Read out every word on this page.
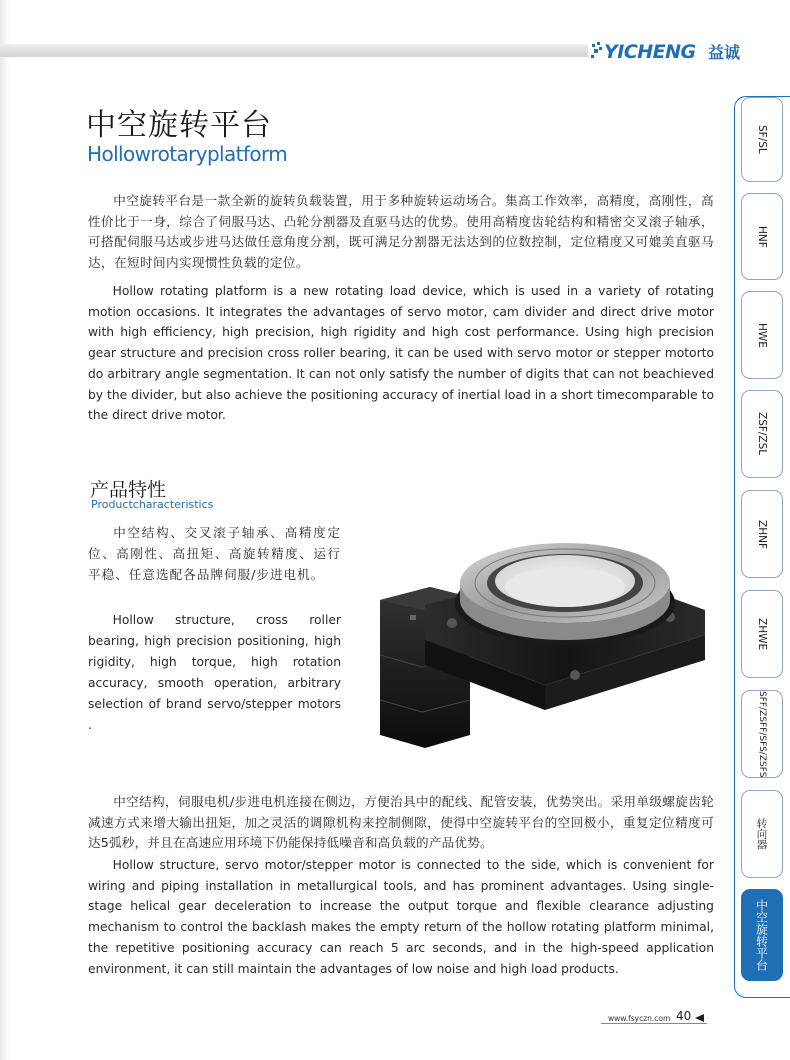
YICHENG 益诚
中空旋转平台
Hollowrotaryplatform

中空旋转平台是一款全新的旋转负载装置，用于多种旋转运动场合。集高工作效率，高精度，高刚性，高性价比于一身，综合了伺服马达、凸轮分割器及直驱马达的优势。使用高精度齿轮结构和精密交叉滚子轴承，可搭配伺服马达或步进马达做任意角度分割，既可满足分割器无法达到的位数控制，定位精度又可媲美直驱马达，在短时间内实现惯性负载的定位。

Hollow rotating platform is a new rotating load device, which is used in a variety of rotating motion occasions. It integrates the advantages of servo motor, cam divider and direct drive motor with high efficiency, high precision, high rigidity and high cost performance. Using high precision gear structure and precision cross roller bearing, it can be used with servo motor or stepper motorto do arbitrary angle segmentation. It can not only satisfy the number of digits that can not beachieved by the divider, but also achieve the positioning accuracy of inertial load in a short timecomparable to the direct drive motor.

产品特性
Productcharacteristics

中空结构、交叉滚子轴承、高精度定位、高刚性、高扭矩、高旋转精度、运行平稳、任意选配各品牌伺服/步进电机。

Hollow structure, cross roller bearing, high precision positioning, high rigidity, high torque, high rotation accuracy, smooth operation, arbitrary selection of brand servo/stepper motors .

中空结构，伺服电机/步进电机连接在侧边，方便治具中的配线、配管安装，优势突出。采用单级螺旋齿轮减速方式来增大输出扭矩，加之灵活的调隙机构来控制侧隙，使得中空旋转平台的空回极小，重复定位精度可达5弧秒，并且在高速应用环境下仍能保持低噪音和高负载的产品优势。

Hollow structure, servo motor/stepper motor is connected to the side, which is convenient for wiring and piping installation in metallurgical tools, and has prominent advantages. Using single-stage helical gear deceleration to increase the output torque and flexible clearance adjusting mechanism to control the backlash makes the empty return of the hollow rotating platform minimal, the repetitive positioning accuracy can reach 5 arc seconds, and in the high-speed application environment, it can still maintain the advantages of low noise and high load products.

www.fsyczn.com 40
SF/SL
HNF
HWE
ZSF/ZSL
ZHNF
ZHWE
SFF/ZSFF/SFS/ZSFS
转向器
中空旋转平台
